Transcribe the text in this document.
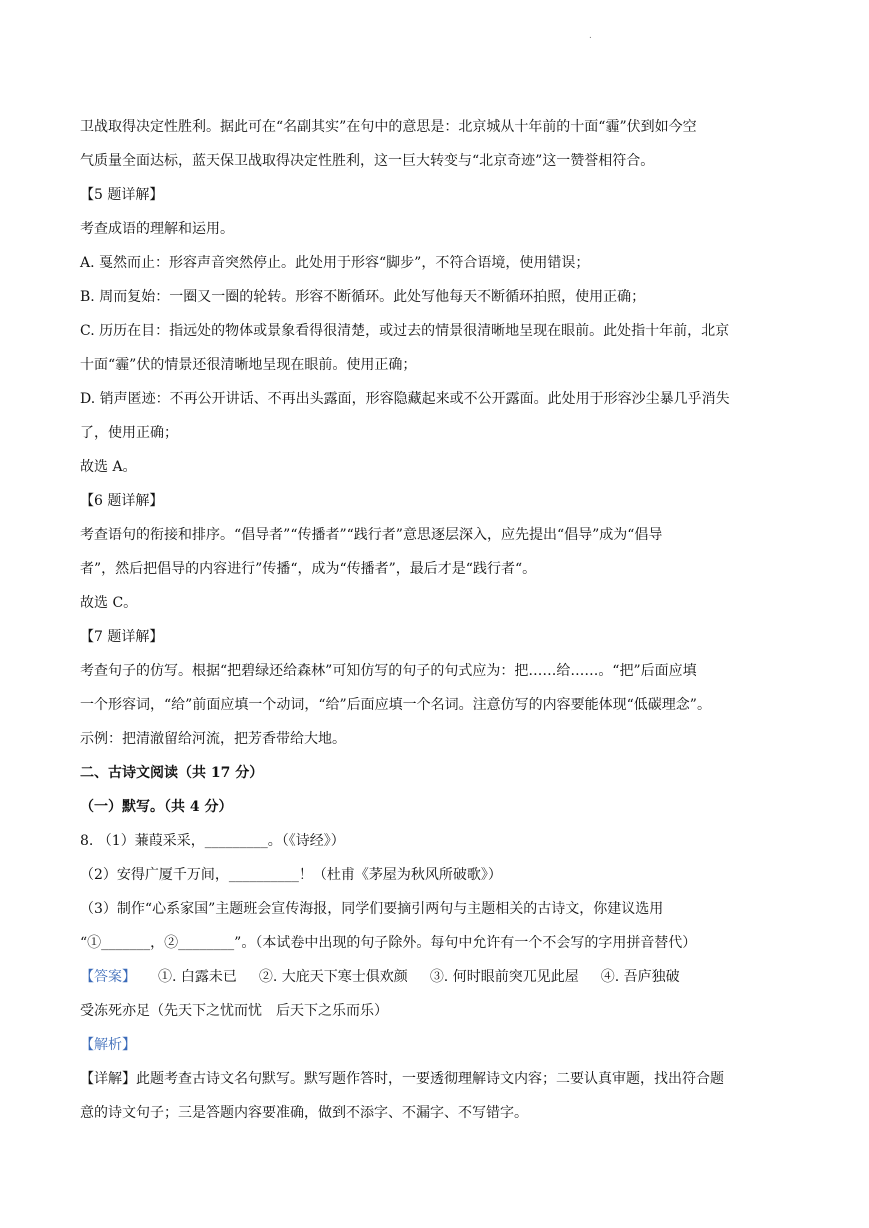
.

卫战取得决定性胜利。据此可在“名副其实”在句中的意思是：北京城从十年前的十面“霾”伏到如今空

气质量全面达标，蓝天保卫战取得决定性胜利，这一巨大转变与“北京奇迹”这一赞誉相符合。

【5 题详解】

考查成语的理解和运用。

A. 戛然而止：形容声音突然停止。此处用于形容“脚步”，不符合语境，使用错误；

B. 周而复始：一圈又一圈的轮转。形容不断循环。此处写他每天不断循环拍照，使用正确；

C. 历历在目：指远处的物体或景象看得很清楚，或过去的情景很清晰地呈现在眼前。此处指十年前，北京

十面“霾”伏的情景还很清晰地呈现在眼前。使用正确；

D. 销声匿迹：不再公开讲话、不再出头露面，形容隐藏起来或不公开露面。此处用于形容沙尘暴几乎消失

了，使用正确；

故选 A。

【6 题详解】

考查语句的衔接和排序。“倡导者”“传播者”“践行者”意思逐层深入，应先提出“倡导”成为“倡导

者”，然后把倡导的内容进行”传播“，成为“传播者”，最后才是“践行者“。

故选 C。

【7 题详解】

考查句子的仿写。根据“把碧绿还给森林”可知仿写的句子的句式应为：把……给……。“把”后面应填

一个形容词，“给”前面应填一个动词，“给”后面应填一个名词。注意仿写的内容要能体现“低碳理念”。

示例：把清澈留给河流，把芳香带给大地。

二、古诗文阅读（共 17 分）

（一）默写。（共 4 分）

8. （1）蒹葭采采，_________。（《诗经》）

（2）安得广厦千万间，__________！（杜甫《茅屋为秋风所破歌》）

（3）制作“心系家国”主题班会宣传海报，同学们要摘引两句与主题相关的古诗文，你建议选用

“①_______，②________”。（本试卷中出现的句子除外。每句中允许有一个不会写的字用拼音替代）

【答案】 ①. 白露未已 ②. 大庇天下寒士俱欢颜 ③. 何时眼前突兀见此屋 ④. 吾庐独破

受冻死亦足（先天下之忧而忧　后天下之乐而乐）

【解析】

【详解】此题考查古诗文名句默写。默写题作答时，一要透彻理解诗文内容；二要认真审题，找出符合题

意的诗文句子；三是答题内容要准确，做到不添字、不漏字、不写错字。
